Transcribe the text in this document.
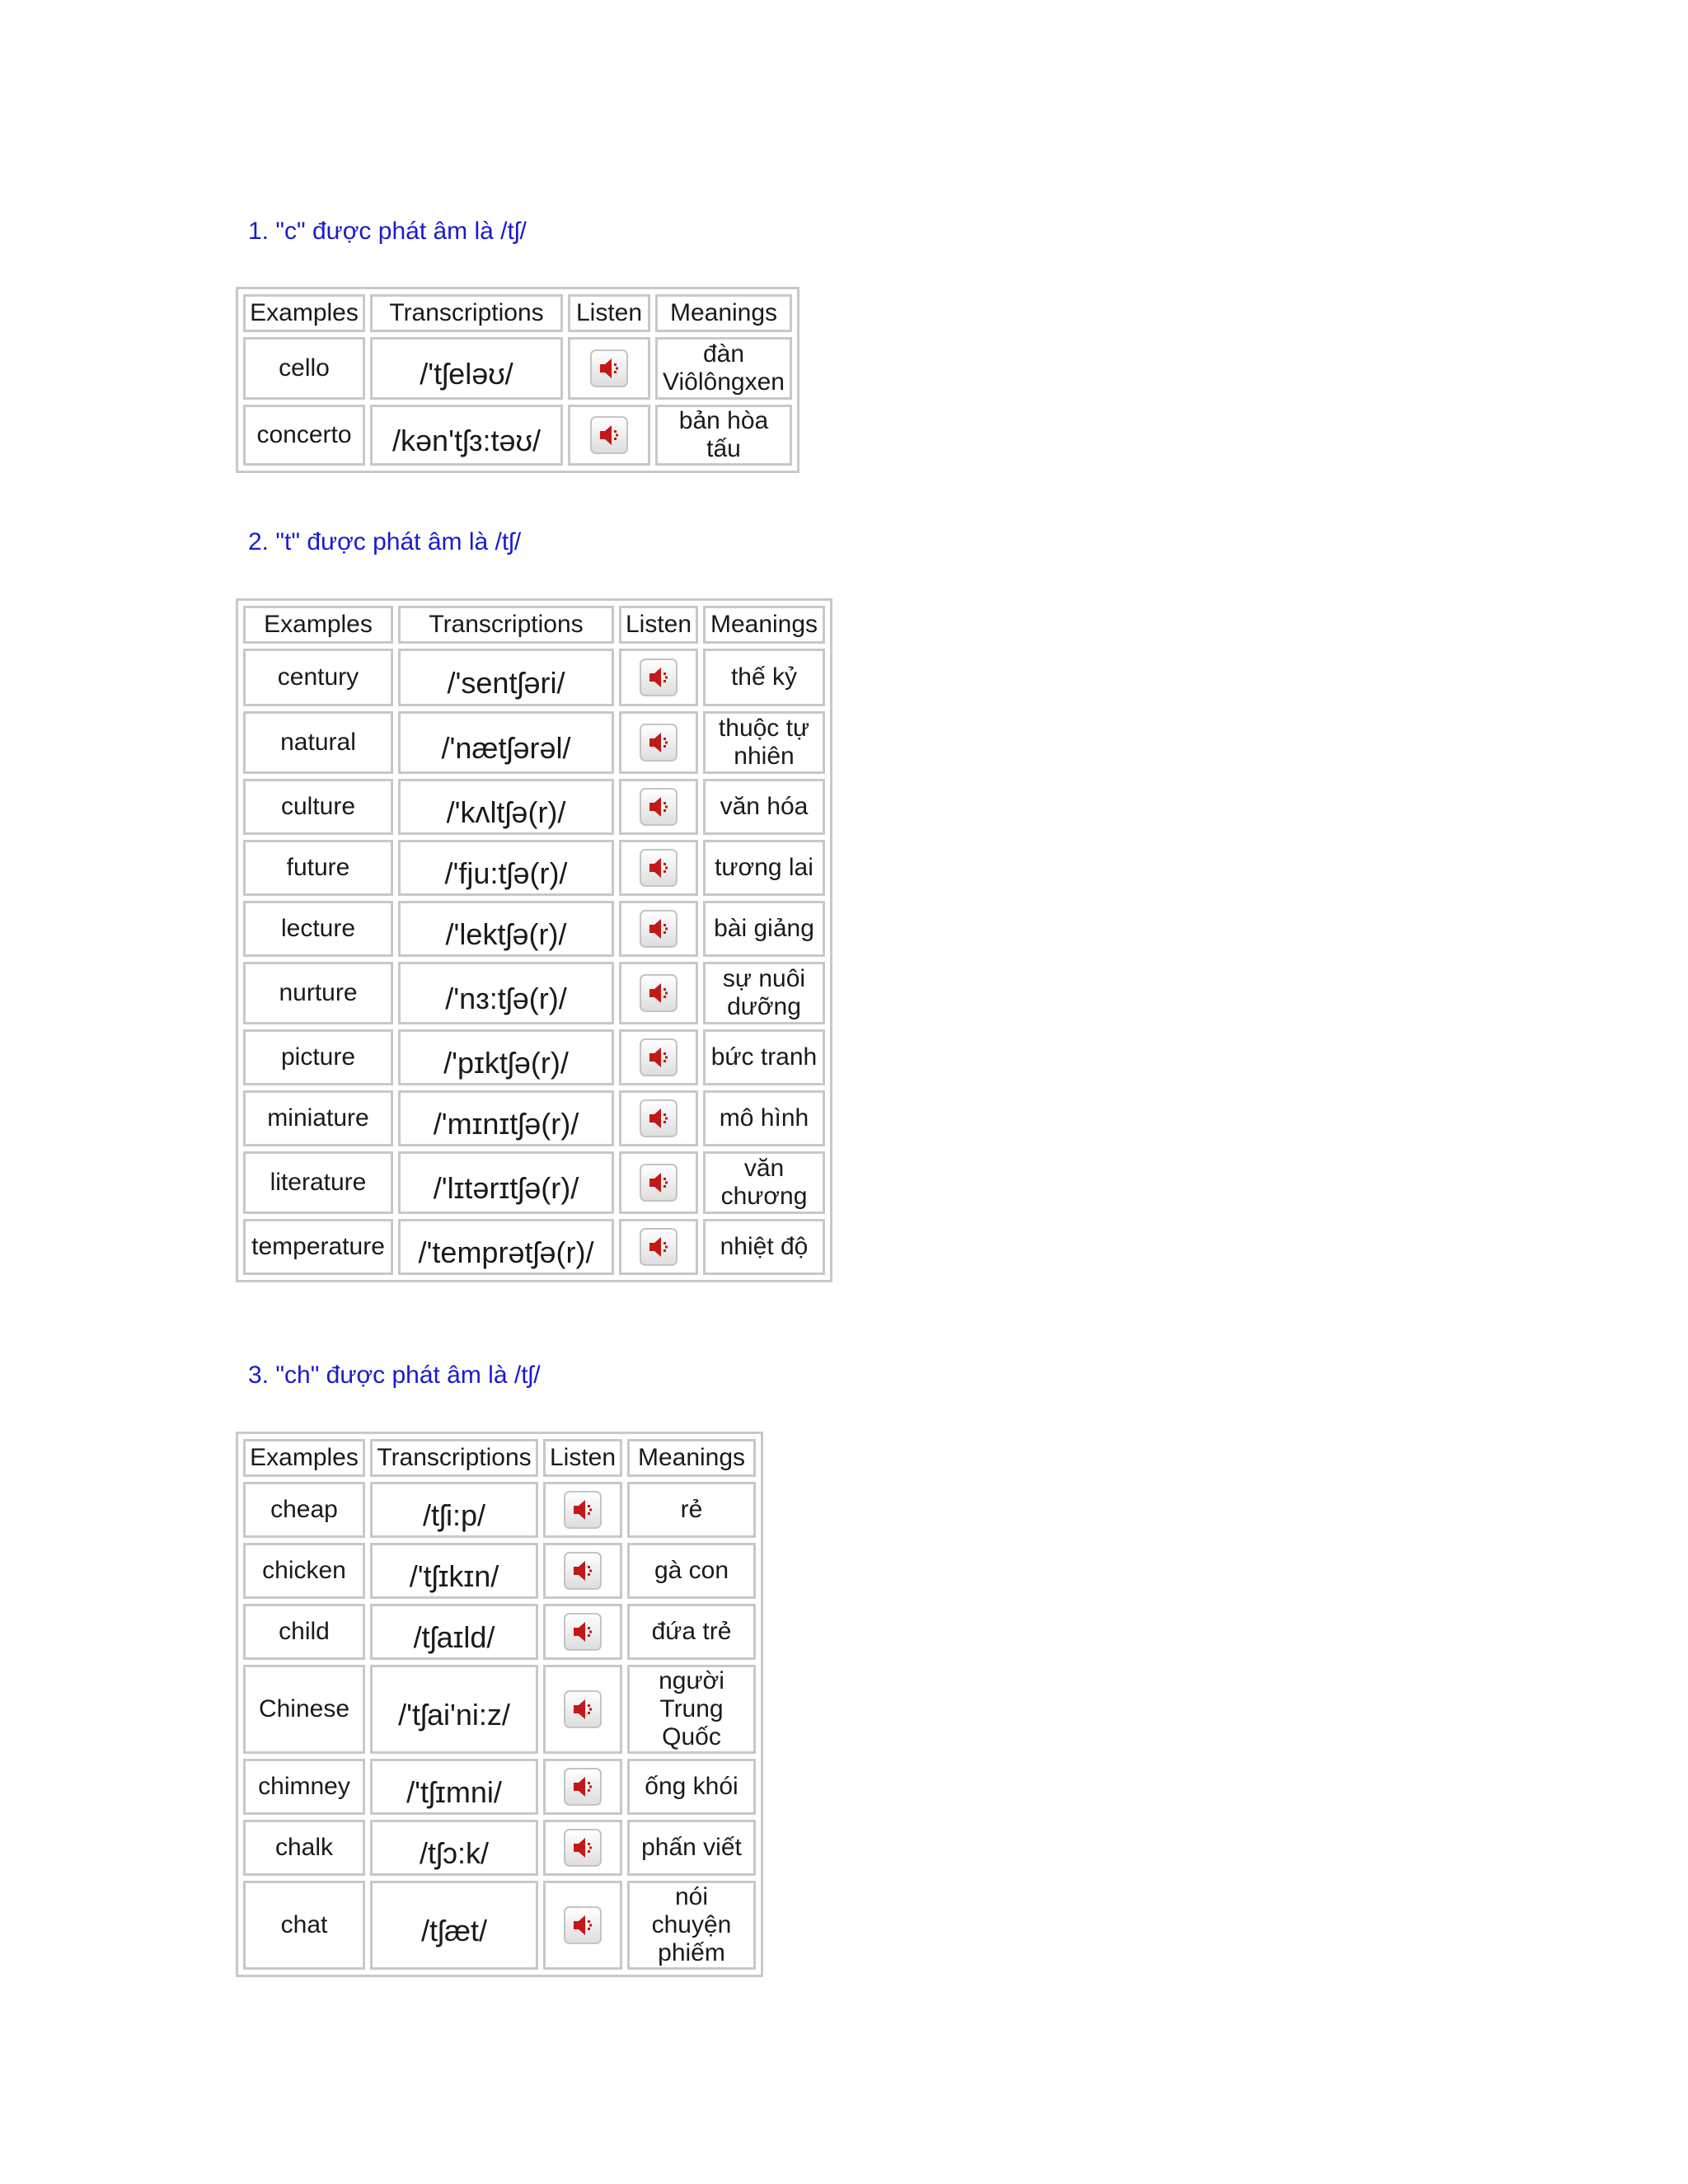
1. "c" được phát âm là /tʃ/
Examples	Transcriptions	Listen	Meanings
cello	/'tʃeləʊ/		đàn Viôlôngxen
concerto	/kən'tʃɜ:təʊ/		bản hòa tấu
2. "t" được phát âm là /tʃ/
Examples	Transcriptions	Listen	Meanings
century	/'sentʃəri/		thế kỷ
natural	/'nætʃərəl/		thuộc tự nhiên
culture	/'kʌltʃə(r)/		văn hóa
future	/'fju:tʃə(r)/		tương lai
lecture	/'lektʃə(r)/		bài giảng
nurture	/'nɜ:tʃə(r)/		sự nuôi dưỡng
picture	/'pɪktʃə(r)/		bức tranh
miniature	/'mɪnɪtʃə(r)/		mô hình
literature	/'lɪtərɪtʃə(r)/		văn chương
temperature	/'temprətʃə(r)/		nhiệt độ
3. "ch" được phát âm là /tʃ/
Examples	Transcriptions	Listen	Meanings
cheap	/tʃi:p/		rẻ
chicken	/'tʃɪkɪn/		gà con
child	/tʃaɪld/		đứa trẻ
Chinese	/'tʃai'ni:z/		người Trung Quốc
chimney	/'tʃɪmni/		ống khói
chalk	/tʃɔ:k/		phấn viết
chat	/tʃæt/		nói chuyện phiếm
